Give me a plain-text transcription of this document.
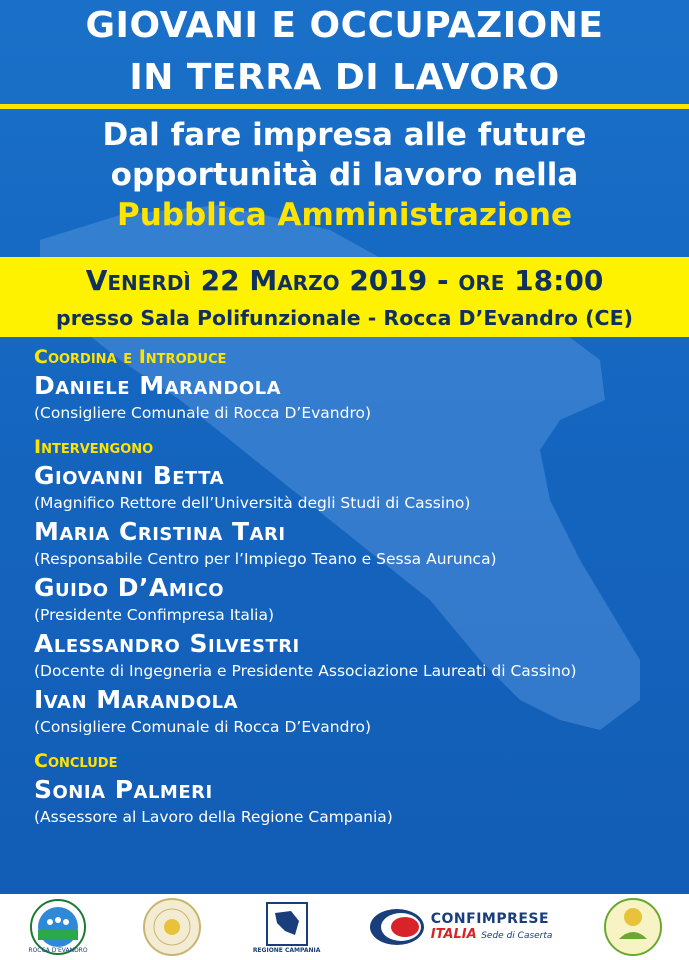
GIOVANI E OCCUPAZIONE
IN TERRA DI LAVORO
Dal fare impresa alle future
opportunità di lavoro nella
Pubblica Amministrazione
Venerdì 22 Marzo 2019 - ore 18:00
presso Sala Polifunzionale - Rocca D’Evandro (CE)
Coordina e Introduce
Daniele Marandola
(Consigliere Comunale di Rocca D’Evandro)
Intervengono
Giovanni Betta
(Magnifico Rettore dell’Università degli Studi di Cassino)
Maria Cristina Tari
(Responsabile Centro per l’Impiego Teano e Sessa Aurunca)
Guido D’Amico
(Presidente Confimpresa Italia)
Alessandro Silvestri
(Docente di Ingegneria e Presidente Associazione Laureati di Cassino)
Ivan Marandola
(Consigliere Comunale di Rocca D’Evandro)
Conclude
Sonia Palmeri
(Assessore al Lavoro della Regione Campania)
ROCCA D'EVANDRO	REGIONE CAMPANIA
CONFIMPRESE
ITALIA Sede di Caserta
